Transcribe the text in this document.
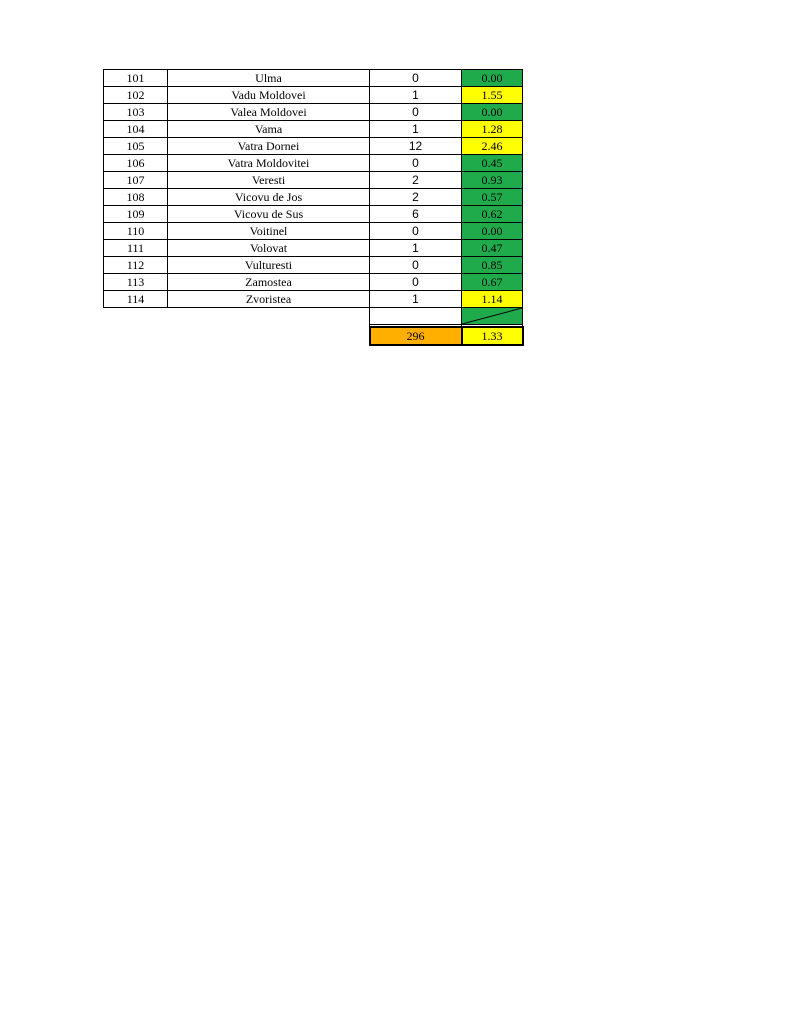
101	Ulma	0	0.00
102	Vadu Moldovei	1	1.55
103	Valea Moldovei	0	0.00
104	Vama	1	1.28
105	Vatra Dornei	12	2.46
106	Vatra Moldovitei	0	0.45
107	Veresti	2	0.93
108	Vicovu de Jos	2	0.57
109	Vicovu de Sus	6	0.62
110	Voitinel	0	0.00
111	Volovat	1	0.47
112	Vulturesti	0	0.85
113	Zamostea	0	0.67
114	Zvoristea	1	1.14

		296	1.33
